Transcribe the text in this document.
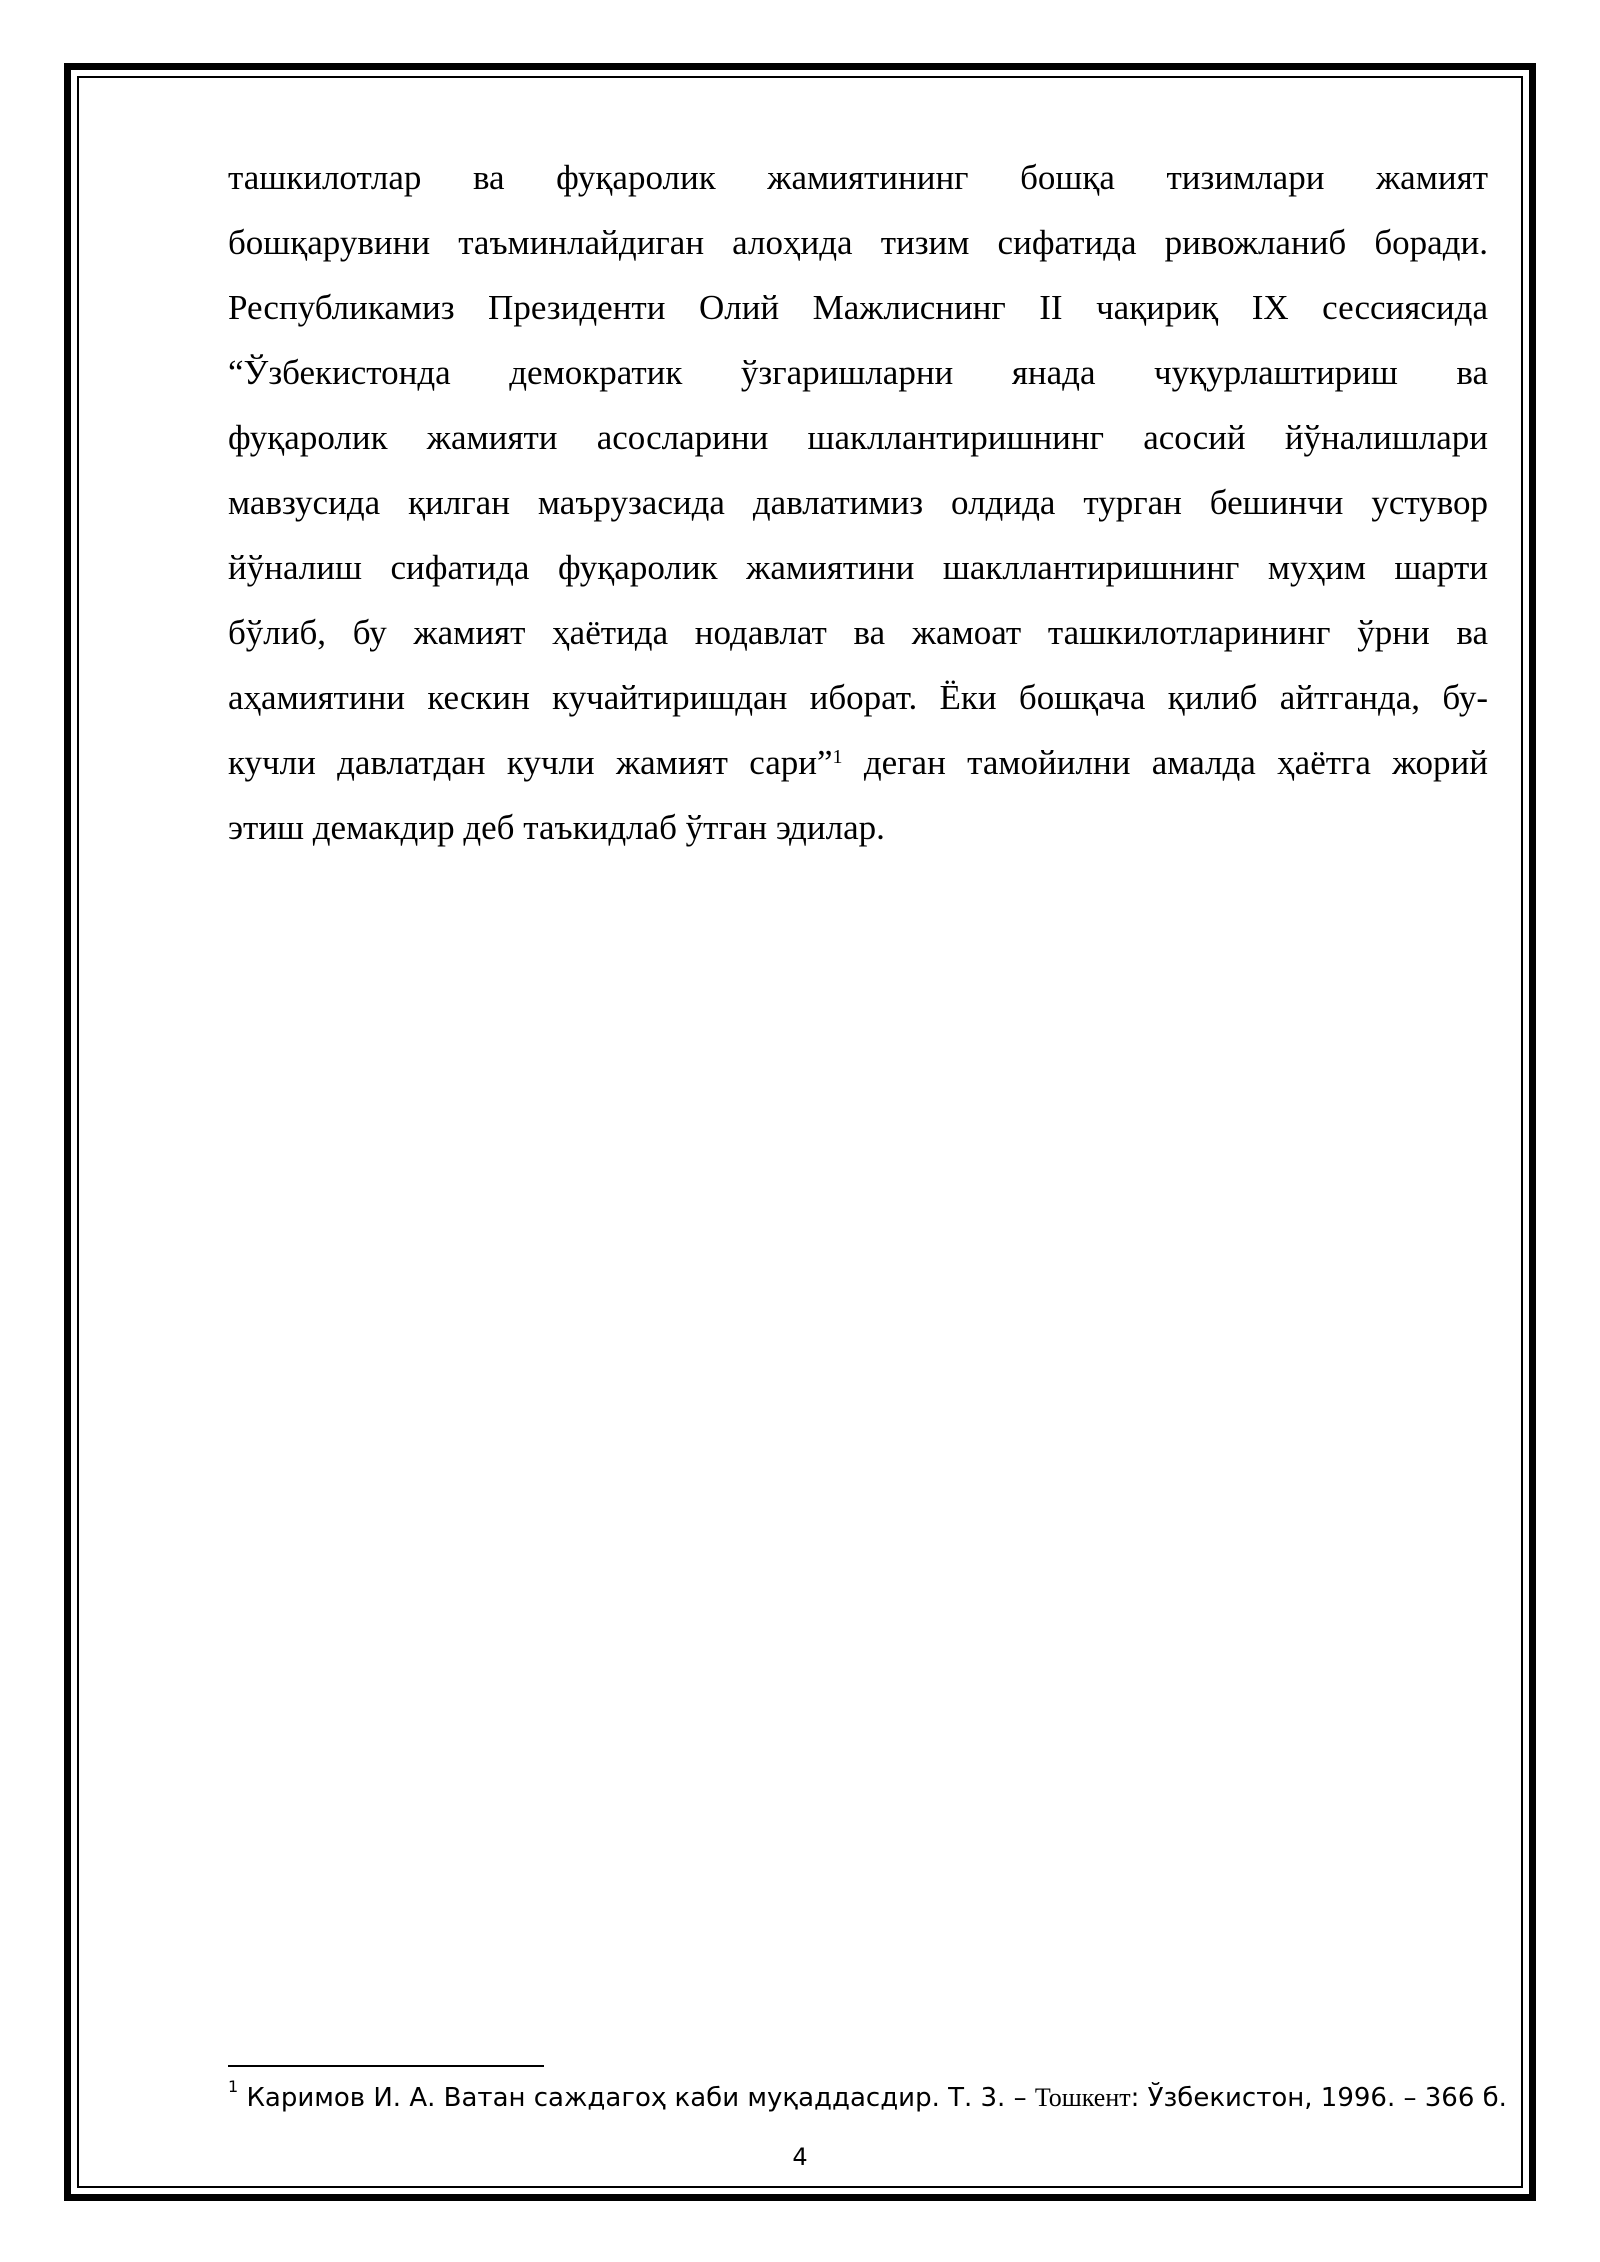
ташкилотлар ва фуқаролик жамиятининг бошқа тизимлари жамият
бошқарувини таъминлайдиган алоҳида тизим сифатида ривожланиб боради.
Республикамиз Президенти Олий Мажлиснинг II чақириқ IX сессиясида
“Ўзбекистонда демократик ўзгаришларни янада чуқурлаштириш ва
фуқаролик жамияти асосларини шакллантиришнинг асосий йўналишлари
мавзусида қилган маърузасида давлатимиз олдида турган бешинчи устувор
йўналиш сифатида фуқаролик жамиятини шакллантиришнинг муҳим шарти
бўлиб, бу жамият ҳаётида нодавлат ва жамоат ташкилотларининг ўрни ва
аҳамиятини кескин кучайтиришдан иборат. Ёки бошқача қилиб айтганда, бу-
кучли давлатдан кучли жамият сари”$^1$ деган тамойилни амалда ҳаётга жорий
этиш демакдир деб таъкидлаб ўтган эдилар.
$^1$ Каримов И. А. Ватан саждагоҳ каби муқаддасдир. Т. 3. – Тошкент: Ўзбекистон, 1996. – 366 б.
4
